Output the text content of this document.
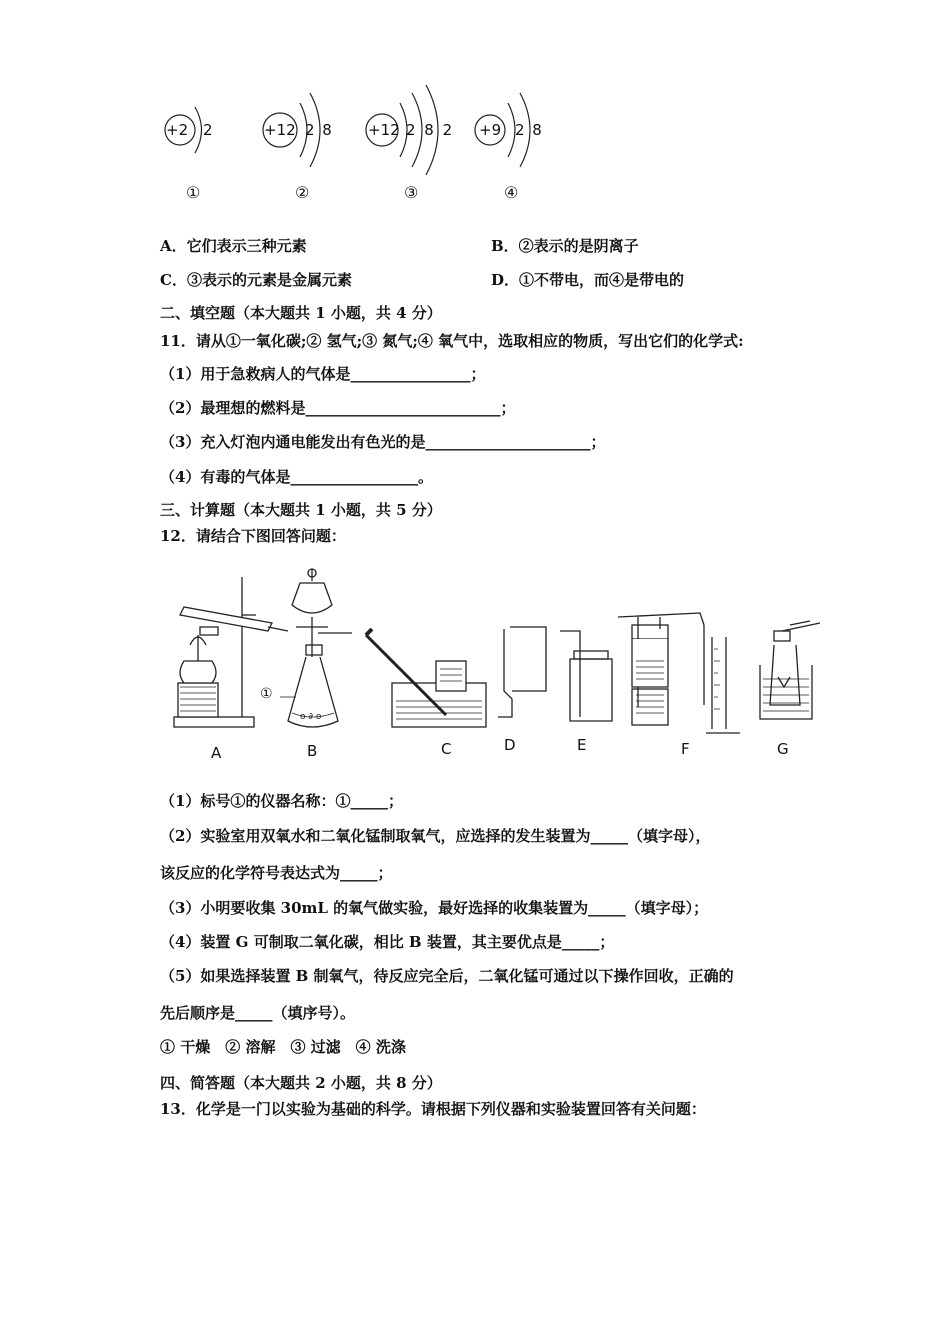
+2 2	+12 2 8 +12 2 8 2 +9 2 8
①	②	③	④
A．它们表示三种元素	B．②表示的是阴离子
C．③表示的元素是金属元素	D．①不带电，而④是带电的
二、填空题（本大题共 1 小题，共 4 分）
11．请从①一氧化碳;② 氢气;③ 氮气;④ 氧气中，选取相应的物质，写出它们的化学式:
（1）用于急救病人的气体是________________；
（2）最理想的燃料是__________________________；
（3）充入灯泡内通电能发出有色光的是______________________；
（4）有毒的气体是_________________。
三、计算题（本大题共 1 小题，共 5 分）
12．请结合下图回答问题：
ο ∂ ο
①
A	B	C	D	E	F	G
（1）标号①的仪器名称：①_____；
（2）实验室用双氧水和二氧化锰制取氧气，应选择的发生装置为_____（填字母），
该反应的化学符号表达式为_____；
（3）小明要收集 30mL 的氧气做实验，最好选择的收集装置为_____（填字母）；
（4）装置 G 可制取二氧化碳，相比 B 装置，其主要优点是_____；
（5）如果选择装置 B 制氧气，待反应完全后，二氧化锰可通过以下操作回收，正确的
先后顺序是_____（填序号）。
① 干燥　② 溶解　③ 过滤　④ 洗涤
四、简答题（本大题共 2 小题，共 8 分）
13．化学是一门以实验为基础的科学。请根据下列仪器和实验装置回答有关问题：
